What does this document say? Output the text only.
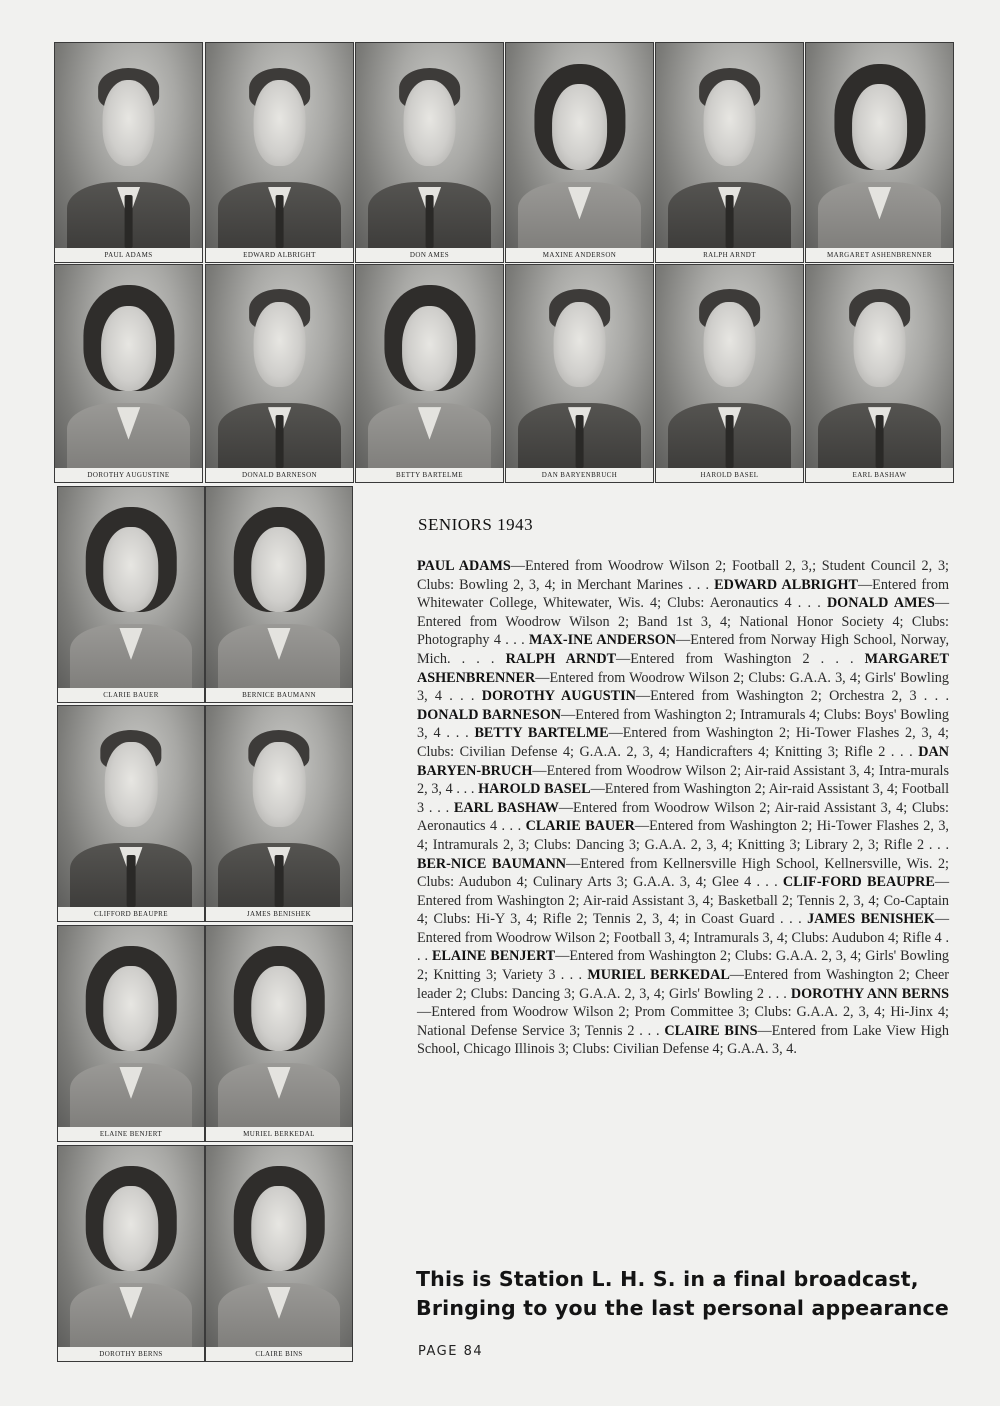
PAUL ADAMS	EDWARD ALBRIGHT	DON AMES	MAXINE ANDERSON	RALPH ARNDT	MARGARET ASHENBRENNER
DOROTHY AUGUSTINE	DONALD BARNESON	BETTY BARTELME	DAN BARYENBRUCH	HAROLD BASEL	EARL BASHAW
CLARIE BAUER	BERNICE BAUMANN
CLIFFORD BEAUPRE	JAMES BENISHEK
ELAINE BENJERT	MURIEL BERKEDAL
DOROTHY BERNS	CLAIRE BINS
SENIORS 1943
PAUL ADAMS—Entered from Woodrow Wilson 2; Football 2, 3,; Student Council 2, 3; Clubs: Bowling 2, 3, 4; in Merchant Marines . . . EDWARD ALBRIGHT—Entered from Whitewater College, Whitewater, Wis. 4; Clubs: Aeronautics 4 . . . DONALD AMES—Entered from Woodrow Wilson 2; Band 1st 3, 4; National Honor Society 4; Clubs: Photography 4 . . . MAX-INE ANDERSON—Entered from Norway High School, Norway, Mich. . . . RALPH ARNDT—Entered from Washington 2 . . . MARGARET ASHENBRENNER—Entered from Woodrow Wilson 2; Clubs: G.A.A. 3, 4; Girls' Bowling 3, 4 . . . DOROTHY AUGUSTIN—Entered from Washington 2; Orchestra 2, 3 . . . DONALD BARNESON—Entered from Washington 2; Intramurals 4; Clubs: Boys' Bowling 3, 4 . . . BETTY BARTELME—Entered from Washington 2; Hi-Tower Flashes 2, 3, 4; Clubs: Civilian Defense 4; G.A.A. 2, 3, 4; Handicrafters 4; Knitting 3; Rifle 2 . . . DAN BARYEN-BRUCH—Entered from Woodrow Wilson 2; Air-raid Assistant 3, 4; Intra-murals 2, 3, 4 . . . HAROLD BASEL—Entered from Washington 2; Air-raid Assistant 3, 4; Football 3 . . . EARL BASHAW—Entered from Woodrow Wilson 2; Air-raid Assistant 3, 4; Clubs: Aeronautics 4 . . . CLARIE BAUER—Entered from Washington 2; Hi-Tower Flashes 2, 3, 4; Intramurals 2, 3; Clubs: Dancing 3; G.A.A. 2, 3, 4; Knitting 3; Library 2, 3; Rifle 2 . . . BER-NICE BAUMANN—Entered from Kellnersville High School, Kellnersville, Wis. 2; Clubs: Audubon 4; Culinary Arts 3; G.A.A. 3, 4; Glee 4 . . . CLIF-FORD BEAUPRE—Entered from Washington 2; Air-raid Assistant 3, 4; Basketball 2; Tennis 2, 3, 4; Co-Captain 4; Clubs: Hi-Y 3, 4; Rifle 2; Tennis 2, 3, 4; in Coast Guard . . . JAMES BENISHEK—Entered from Woodrow Wilson 2; Football 3, 4; Intramurals 3, 4; Clubs: Audubon 4; Rifle 4 . . . ELAINE BENJERT—Entered from Washington 2; Clubs: G.A.A. 2, 3, 4; Girls' Bowling 2; Knitting 3; Variety 3 . . . MURIEL BERKEDAL—Entered from Washington 2; Cheer leader 2; Clubs: Dancing 3; G.A.A. 2, 3, 4; Girls' Bowling 2 . . . DOROTHY ANN BERNS—Entered from Woodrow Wilson 2; Prom Committee 3; Clubs: G.A.A. 2, 3, 4; Hi-Jinx 4; National Defense Service 3; Tennis 2 . . . CLAIRE BINS—Entered from Lake View High School, Chicago Illinois 3; Clubs: Civilian Defense 4; G.A.A. 3, 4.
This is Station L. H. S. in a final broadcast,
Bringing to you the last personal appearance
PAGE 84
